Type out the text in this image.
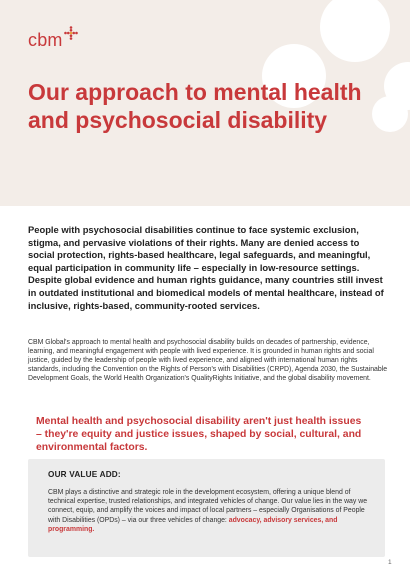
cbm
Our approach to mental health and psychosocial disability

People with psychosocial disabilities continue to face systemic exclusion, stigma, and pervasive violations of their rights. Many are denied access to social protection, rights-based healthcare, legal safeguards, and meaningful, equal participation in community life – especially in low-resource settings. Despite global evidence and human rights guidance, many countries still invest in outdated institutional and biomedical models of mental healthcare, instead of inclusive, rights-based, community-rooted services.

CBM Global's approach to mental health and psychosocial disability builds on decades of partnership, evidence, learning, and meaningful engagement with people with lived experience. It is grounded in human rights and social justice, guided by the leadership of people with lived experience, and aligned with international human rights standards, including the Convention on the Rights of Person's with Disabilities (CRPD), Agenda 2030, the Sustainable Development Goals, the World Health Organization's QualityRights Initiative, and the global disability movement.

Mental health and psychosocial disability aren't just health issues – they're equity and justice issues, shaped by social, cultural, and environmental factors.

OUR VALUE ADD:

CBM plays a distinctive and strategic role in the development ecosystem, offering a unique blend of technical expertise, trusted relationships, and integrated vehicles of change. Our value lies in the way we connect, equip, and amplify the voices and impact of local partners – especially Organisations of People with Disabilities (OPDs) – via our three vehicles of change: advocacy, advisory services, and programming.

1
